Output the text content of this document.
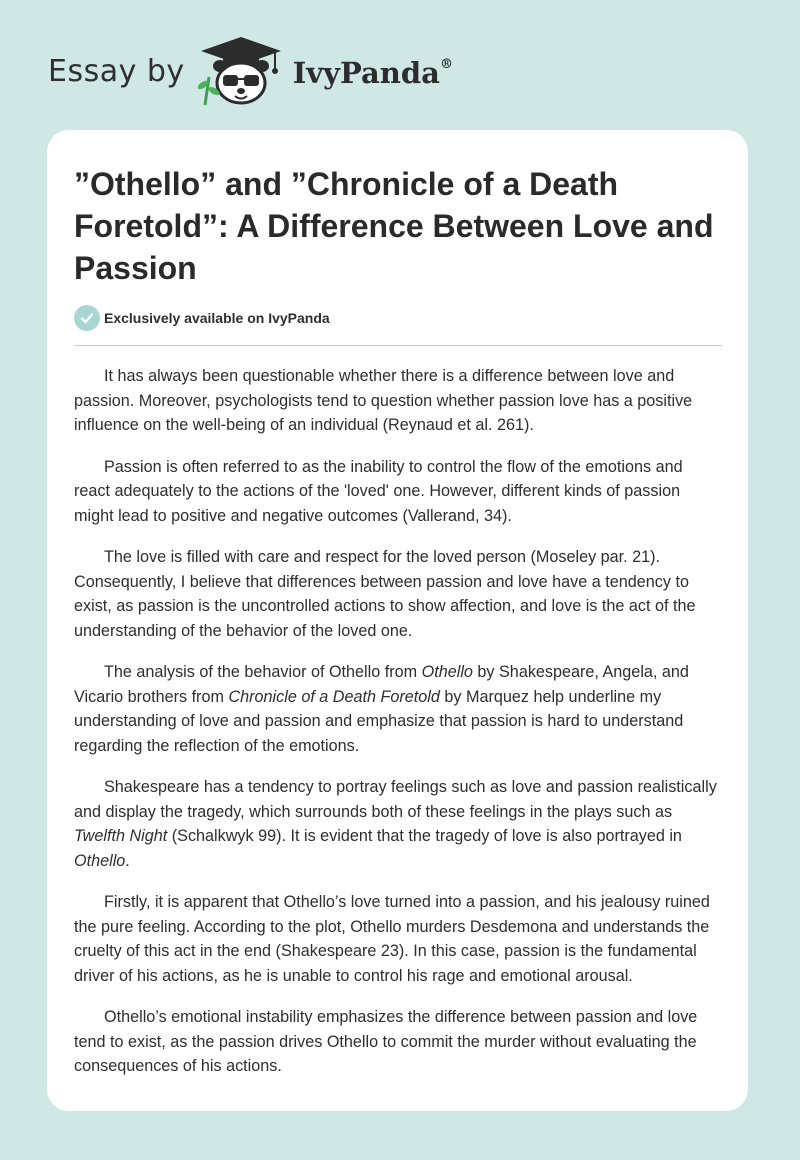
Essay by	IvyPanda®
”Othello” and ”Chronicle of a Death Foretold”: A Difference Between Love and Passion
Exclusively available on IvyPanda

It has always been questionable whether there is a difference between love and passion. Moreover, psychologists tend to question whether passion love has a positive influence on the well-being of an individual (Reynaud et al. 261).

Passion is often referred to as the inability to control the flow of the emotions and react adequately to the actions of the 'loved' one. However, different kinds of passion might lead to positive and negative outcomes (Vallerand, 34).

The love is filled with care and respect for the loved person (Moseley par. 21). Consequently, I believe that differences between passion and love have a tendency to exist, as passion is the uncontrolled actions to show affection, and love is the act of the understanding of the behavior of the loved one.

The analysis of the behavior of Othello from Othello by Shakespeare, Angela, and Vicario brothers from Chronicle of a Death Foretold by Marquez help underline my understanding of love and passion and emphasize that passion is hard to understand regarding the reflection of the emotions.

Shakespeare has a tendency to portray feelings such as love and passion realistically and display the tragedy, which surrounds both of these feelings in the plays such as Twelfth Night (Schalkwyk 99). It is evident that the tragedy of love is also portrayed in Othello.

Firstly, it is apparent that Othello’s love turned into a passion, and his jealousy ruined the pure feeling. According to the plot, Othello murders Desdemona and understands the cruelty of this act in the end (Shakespeare 23). In this case, passion is the fundamental driver of his actions, as he is unable to control his rage and emotional arousal.

Othello’s emotional instability emphasizes the difference between passion and love tend to exist, as the passion drives Othello to commit the murder without evaluating the consequences of his actions.
